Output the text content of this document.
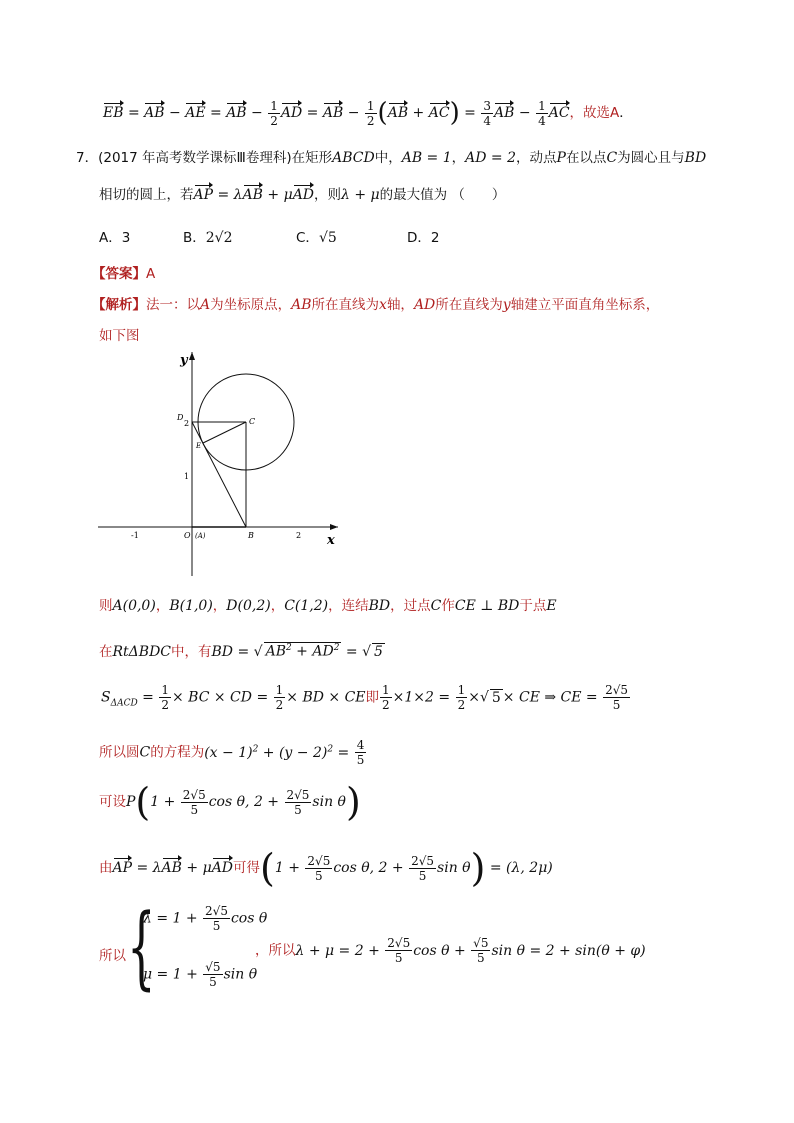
EB = AB − AE = AB − $\frac{1}{2}$ AD = AB − $\frac{1}{2} (AB + AC) = \frac{3}{4}$ AB − $\frac{1}{4}$ AC，故选A．
7．(2017 年高考数学课标Ⅲ卷理科)在矩形ABCD中，AB = 1，AD = 2，动点P在以点C为圆心且与BD
相切的圆上，若AP = λAB + μAD，则λ + μ的最大值为 （　　）
A．3	B．2√2	C．√5	D．2
【答案】A
【解析】法一：以A为坐标原点，AB所在直线为x轴，AD所在直线为y轴建立平面直角坐标系，
如下图
x
y
-1	2
1
2
D	C
E
O (A)	B
则A(0,0)，B(1,0)，D(0,2)，C(1,2)，连结BD，过点C作CE ⊥ BD于点E
在RtΔBDC中，有BD = √ $AB^2 + AD^2$ = √ 5
$S_{\Delta ACD} = \frac{1}{2}$ × BC × CD = $\frac{1}{2}$ × BD × CE即 $\frac{1}{2} \times 1\times 2 = \frac{1}{2}$ ×√ 5 × CE ⇒ CE = $\frac{2√5}{5}$
所以圆C的方程为$(x - 1)^2 + (y - 2)^2 = \frac{4}{5}$
可设$P(1 + \frac{2√5}{5}$ cos θ, $2 + \frac{2√5}{5}$ sin θ)
由AP = λAB + μAD可得($1 + \frac{2√5}{5}$ cos θ, $2 + \frac{2√5}{5}$ sin θ) = (λ, 2μ)
所以 {
$\lambda = 1 + \frac{2√5}{5}$ cos θ
$\mu = 1 + \frac{√5}{5}$ sin θ
，所以$\lambda + \mu = 2 + \frac{2√5}{5}$ $\cos \theta + \frac{√5}{5}$ sin θ = 2 + sin(θ + φ)
